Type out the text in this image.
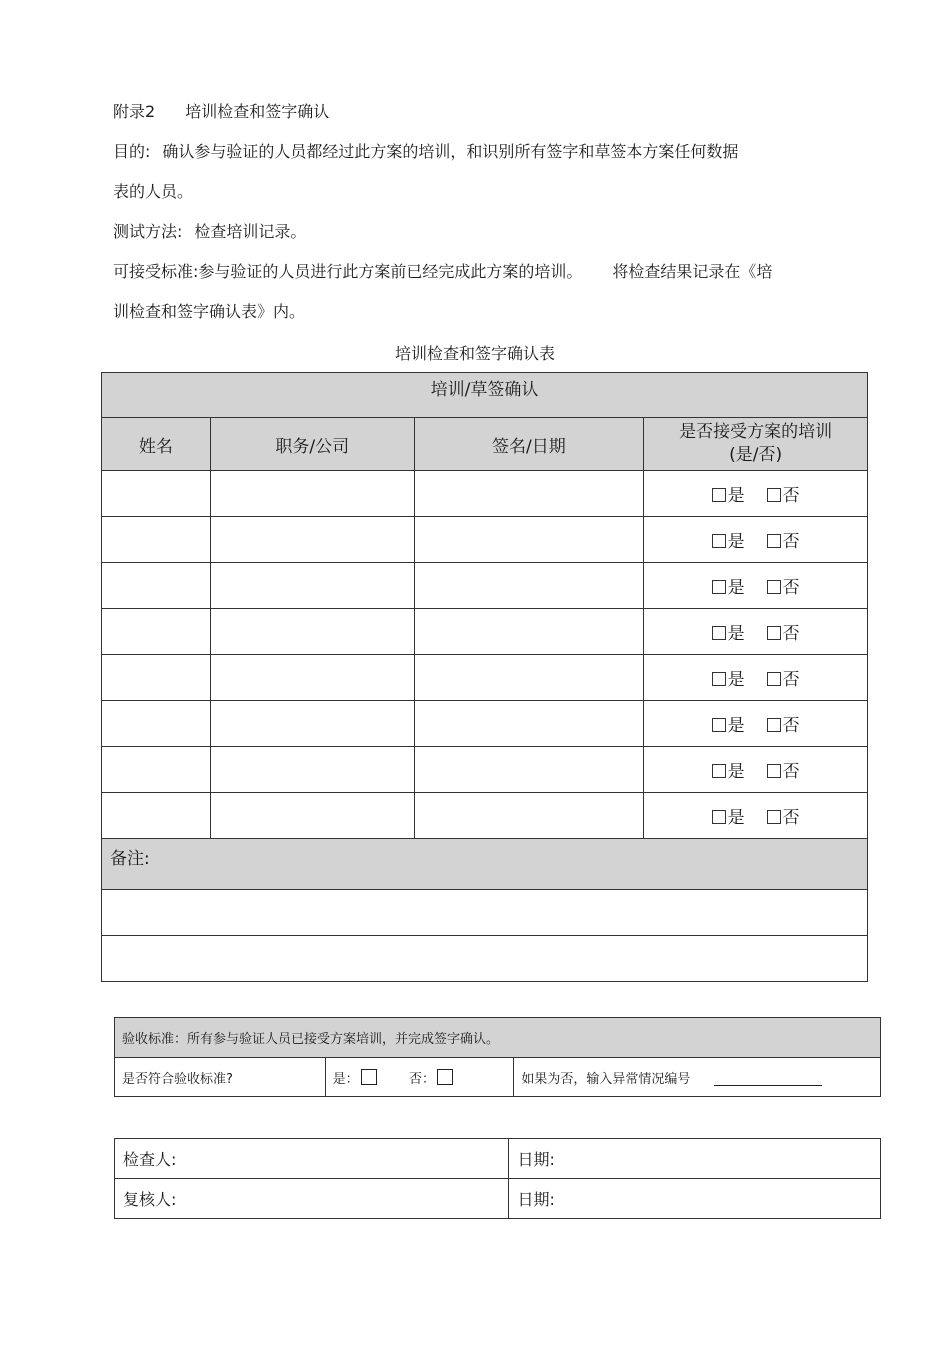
附录2 培训检查和签字确认
目的: 确认参与验证的人员都经过此方案的培训，和识别所有签字和草签本方案任何数据
表的人员。
测试方法: 检查培训记录。
可接受标准:参与验证的人员进行此方案前已经完成此方案的培训。 将检查结果记录在《培
训检查和签字确认表》内。
培训检查和签字确认表
培训/草签确认			
姓名	职务/公司	签名/日期	是否接受方案的培训
(是/否)

			是 否
			是 否
			是 否
			是 否
			是 否
			是 否
			是 否
			是 否
备注:			

验收标准：所有参与验证人员已接受方案培训，并完成签字确认。
是否符合验收标准?	是：	否：	如果为否，输入异常情况编号
检查人:	日期:
复核人:	日期:
